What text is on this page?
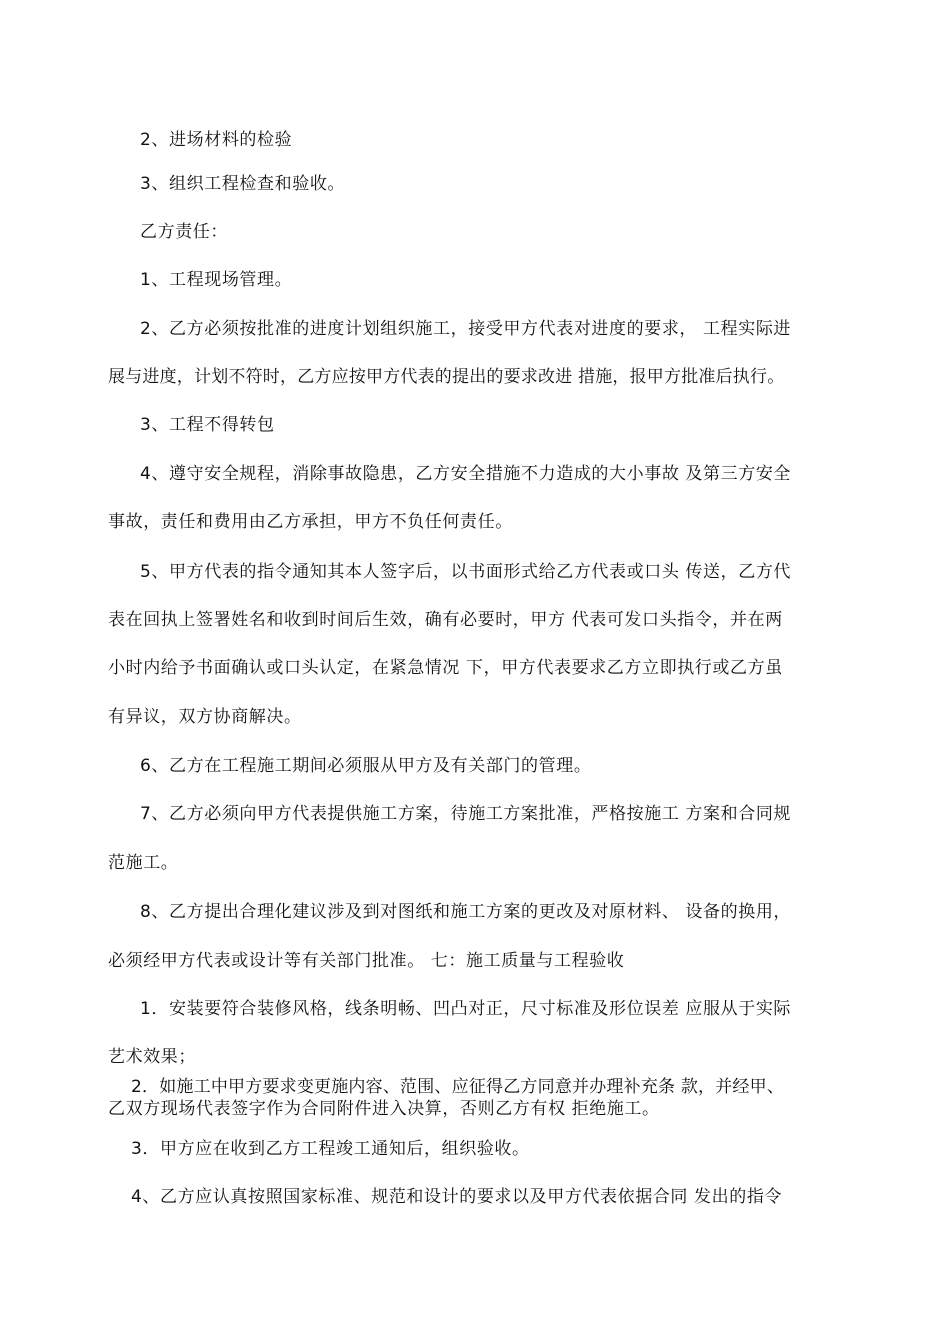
2、进场材料的检验
3、组织工程检查和验收。
乙方责任：
1、工程现场管理。
2、乙方必须按批准的进度计划组织施工，接受甲方代表对进度的要求， 工程实际进
展与进度，计划不符时，乙方应按甲方代表的提出的要求改进 措施，报甲方批准后执行。
3、工程不得转包
4、遵守安全规程，消除事故隐患，乙方安全措施不力造成的大小事故 及第三方安全
事故，责任和费用由乙方承担，甲方不负任何责任。
5、甲方代表的指令通知其本人签字后，以书面形式给乙方代表或口头 传送，乙方代
表在回执上签署姓名和收到时间后生效，确有必要时，甲方 代表可发口头指令，并在两
小时内给予书面确认或口头认定，在紧急情况 下，甲方代表要求乙方立即执行或乙方虽
有异议，双方协商解决。
6、乙方在工程施工期间必须服从甲方及有关部门的管理。
7、乙方必须向甲方代表提供施工方案，待施工方案批准，严格按施工 方案和合同规
范施工。
8、乙方提出合理化建议涉及到对图纸和施工方案的更改及对原材料、 设备的换用，
必须经甲方代表或设计等有关部门批准。 七：施工质量与工程验收
1．安装要符合装修风格，线条明畅、凹凸对正，尺寸标准及形位误差 应服从于实际
艺术效果；
2．如施工中甲方要求变更施内容、范围、应征得乙方同意并办理补充条 款，并经甲、
乙双方现场代表签字作为合同附件进入决算，否则乙方有权 拒绝施工。
3．甲方应在收到乙方工程竣工通知后，组织验收。
4、乙方应认真按照国家标准、规范和设计的要求以及甲方代表依据合同 发出的指令
